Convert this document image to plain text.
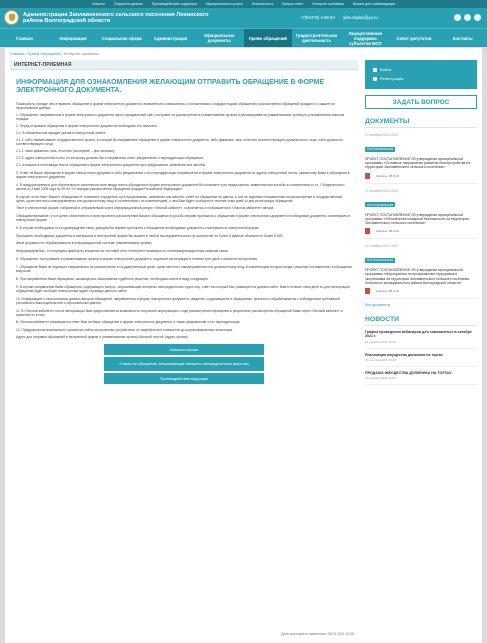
Новости	Открытые данные	Противодействие коррупции	Муниципальные услуги	Безопасность	Вопрос-ответ	Интернет-приёмная	Версия для слабовидящих
Администрация Заплавненского сельского поселения Ленинского района Волгоградской области
+7(84478) 4-68-84 adm.zaplav@ya.ru
Главная	Информация	Социальная сфера	Администрация	Официальные документы	Приём обращений	Градостроительная деятельность
Имущественная поддержка субъектов МСП
Совет депутатов	Контакты
Главная / Приём обращений / Интернет-приёмная
ИНТЕРНЕТ-ПРИЕМНАЯ
ИНФОРМАЦИЯ ДЛЯ ОЗНАКОМЛЕНИЯ ЖЕЛАЮЩИМ ОТПРАВИТЬ ОБРАЩЕНИЕ В ФОРМЕ ЭЛЕКТРОННОГО ДОКУМЕНТА.

Пожалуйста, прежде чем отправить обращение в форме электронного документа, внимательно ознакомьтесь с положениями о порядке подачи обращений и рассмотрения обращений граждан и о защите их персональных данных.

1. Обращение, направленное в форме электронного документа через официальный сайт, поступает на рассмотрение в (наименование органа) и рассматривается (наименование органа) в установленном законом порядке.

2. Перед отправкой обращения в форме электронного документа необходимо его написать.

2.1. В обязательном порядке указав в электронной анкете:

2.1.1. либо наименование государственного органа, в который Вы направляете обращение в форме электронного документа, либо фамилию, имя, отчество соответствующего должностного лица, либо должность соответствующего лица;

2.1.2. свою фамилию, имя, отчество (последнее – при наличии);

2.1.3. адрес электронной почты, по которому должны быть направлены ответ, уведомление о переадресации обращения;

2.2. изложить в поле ввода текста обращения в форме электронного документа суть предложения, заявления или жалобы.

3. Ответ на Ваше обращение в форме электронного документа либо уведомление о его переадресации направляется в форме электронного документа по адресу электронной почты, указанному Вами в обращении в форме электронного документа.

4. В предусмотренных для обязательного заполнения поле ввода текста обращения в форме электронного документа Вы излагаете суть предложения, заявления или жалобы в соответствии со ст. 7 Федерального закона от 2 мая 2006 года № 59-ФЗ «О порядке рассмотрения обращений граждан Российской Федерации».

В случае, если текст Вашего обращения не позволяет определить суть предложения, заявления или жалобы, ответ на обращение не дается, и оно не подлежит направлению на рассмотрение в государственный орган, орган местного самоуправления или должностному лицу в соответствии с их компетенцией, о чем Вам будет сообщено в течение семи дней со дня регистрации обращения.

Текст в электронной форме, набранный в отправляемый через информационный ресурс «Личный кабинет», сохраняется и отображается в «Личном кабинете» автора.

Обращаем внимание, что в целях объективного и всестороннего рассмотрения Вашего обращения в срок Вы вправе приложить к обращению в форме электронного документа необходимые документы и материалы в электронной форме.

5. В случае необходимости в подтверждение своих доводов Вы вправе приложить к обращению необходимые документы и материалы в электронной форме.

Приложить необходимые документы и материалы в электронной форме Вы можете в любой последовательности (в количестве не более 5 файлов объемом не более 5 Мб).

Иные форматы не обрабатываются в информационной системе (наименование органа).

Информируем Вас, что передача файла(ов) вложения по почтовой сети «Интернет» возможна по телекоммуникационным каналам связи.

6. Обращение, поступившее в (наименование органа) в форме электронного документа, подлежит регистрации в течение трех дней с момента поступления.

7. Обращение Вами не подлежит направлению на рассмотрение в государственный орган, орган местного самоуправления или должностному лицу, в компетенцию которых входит решение поставленных в обращении вопросов.

8. При направлении Вами обращения, касающегося обжалования судебного решения, необходимо иметь в виду следующее.

9. В случае направления Вами обращения, содержащего вопрос, затрагивающий интересы неопределенного круга лиц, ответ на который был размещен на данном сайте, Вам в течение семи дней со дня регистрации обращения будет сообщен электронный адрес страницы данного сайта.

10. Информацию о персональных данных авторов обращений, направленных в форме электронного документа, сведения, содержащиеся в обращениях, хранится и обрабатывается с соблюдением требований российского законодательства о персональных данных.

11. В «Личном кабинете» после авторизации Вам предоставляется возможность получения информации о ходе рассмотрения обращения и результатах рассмотрения обращений Вами через «Личный кабинет» и хранение их в нем.

В «Личном кабинете» размещается ответ Вам на Ваше обращение в форме электронного документа, а также уведомление о его переадресации.

12. Предусмотрена возможность просмотра сайта на различных устройствах: от смартфонов и планшетов до широкоформатных мониторов.

Адрес для отправки обращений в письменной форме и (наименование органа) обычной почтой: (адрес органа).

Написать письмо
Ответы на обращения, затрагивающие интересы неопределенного круга лиц
Противодействие коррупции
Дата последнего изменения: 05.03.2021 15:06
Войти
Регистрация
ЗАДАТЬ ВОПРОС
ДОКУМЕНТЫ
17 октября 2021 14:00
ПОСТАНОВЛЕНИЯ
ПРОЕКТ ПОСТАНОВЛЕНИЕ Об утверждении муниципальной программы «Основные направления развития благоустройства на территории Заплавненского сельского поселения»
Скачать, 68.6 Кб
17 октября 2021 14:00
ПОСТАНОВЛЕНИЯ
ПРОЕКТ ПОСТАНОВЛЕНИЕ Об утверждении муниципальной программы «Обеспечение пожарной безопасности на территории Заплавненского сельского поселения»
Скачать, 58.4 Кб
17 октября 2021 14:00
ПОСТАНОВЛЕНИЯ
ПРОЕКТ ПОСТАНОВЛЕНИЕ Об утверждении муниципальной программы «Мероприятия по профилактике терроризма и экстремизма на территории Заплавненского сельского поселения Ленинского муниципального района Волгоградской области»
Скачать, 58.4 Кб
Все документы
НОВОСТИ
График проведения вебинаров для самозанятых в октябре 2021 г.
21 октября 2021 16:00
Реализация имущества должника на торгах
20 октября 2021 15:30
ПРОДАЖА ИМУЩЕСТВА ДОЛЖНИКА НА ТОРГАХ
19 октября 2021 11:00
